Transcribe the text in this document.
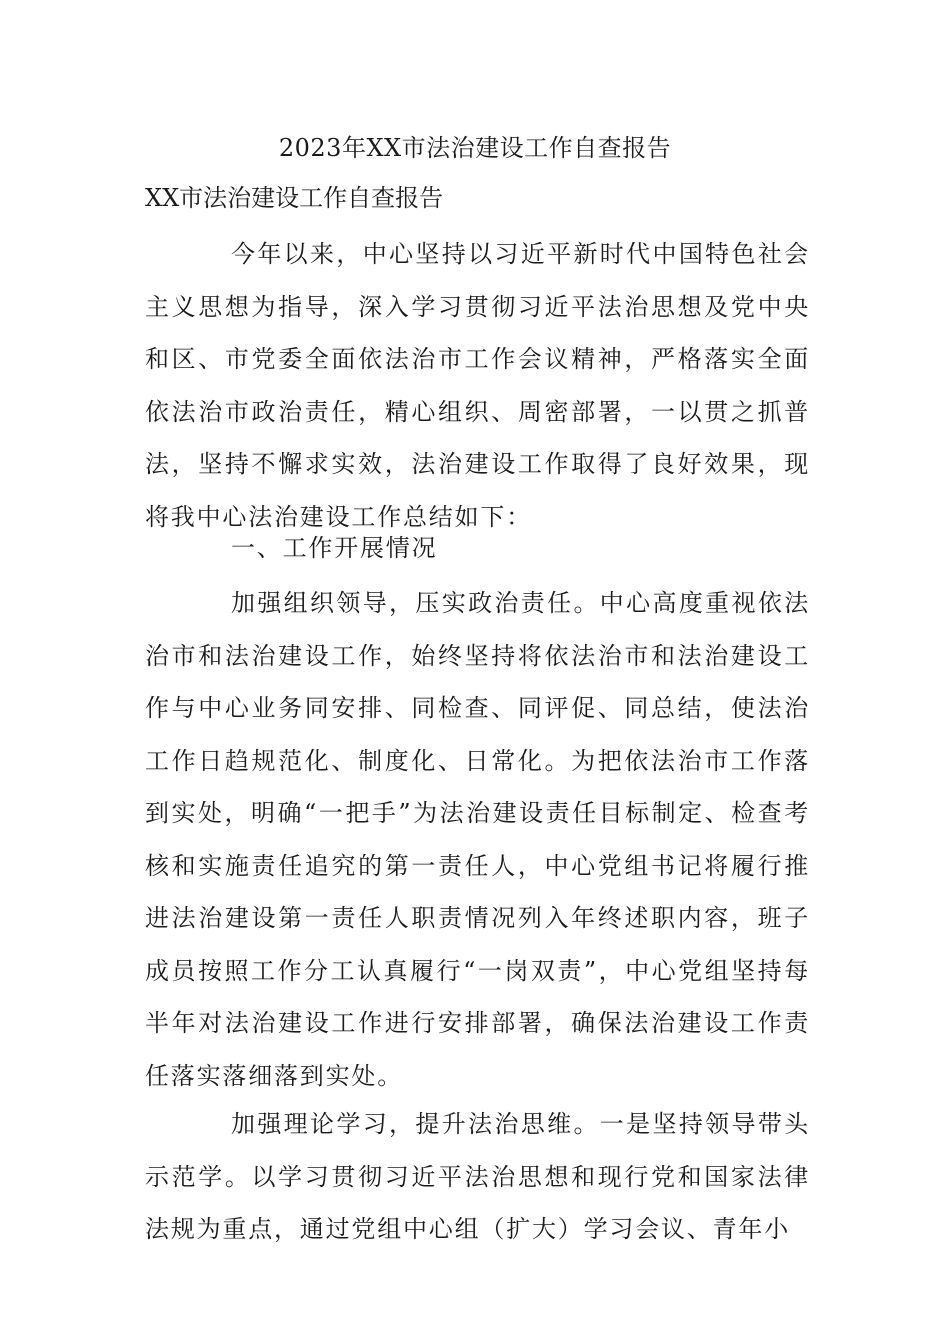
2023年XX市法治建设工作自查报告
XX市法治建设工作自查报告

今年以来，中心坚持以习近平新时代中国特色社会主义思想为指导，深入学习贯彻习近平法治思想及党中央和区、市党委全面依法治市工作会议精神，严格落实全面依法治市政治责任，精心组织、周密部署，一以贯之抓普法，坚持不懈求实效，法治建设工作取得了良好效果，现将我中心法治建设工作总结如下：

一、工作开展情况

加强组织领导，压实政治责任。中心高度重视依法治市和法治建设工作，始终坚持将依法治市和法治建设工作与中心业务同安排、同检查、同评促、同总结，使法治工作日趋规范化、制度化、日常化。为把依法治市工作落到实处，明确“一把手”为法治建设责任目标制定、检查考核和实施责任追究的第一责任人，中心党组书记将履行推进法治建设第一责任人职责情况列入年终述职内容，班子成员按照工作分工认真履行“一岗双责”，中心党组坚持每半年对法治建设工作进行安排部署，确保法治建设工作责任落实落细落到实处。

加强理论学习，提升法治思维。一是坚持领导带头示范学。以学习贯彻习近平法治思想和现行党和国家法律法规为重点，通过党组中心组（扩大）学习会议、青年小
